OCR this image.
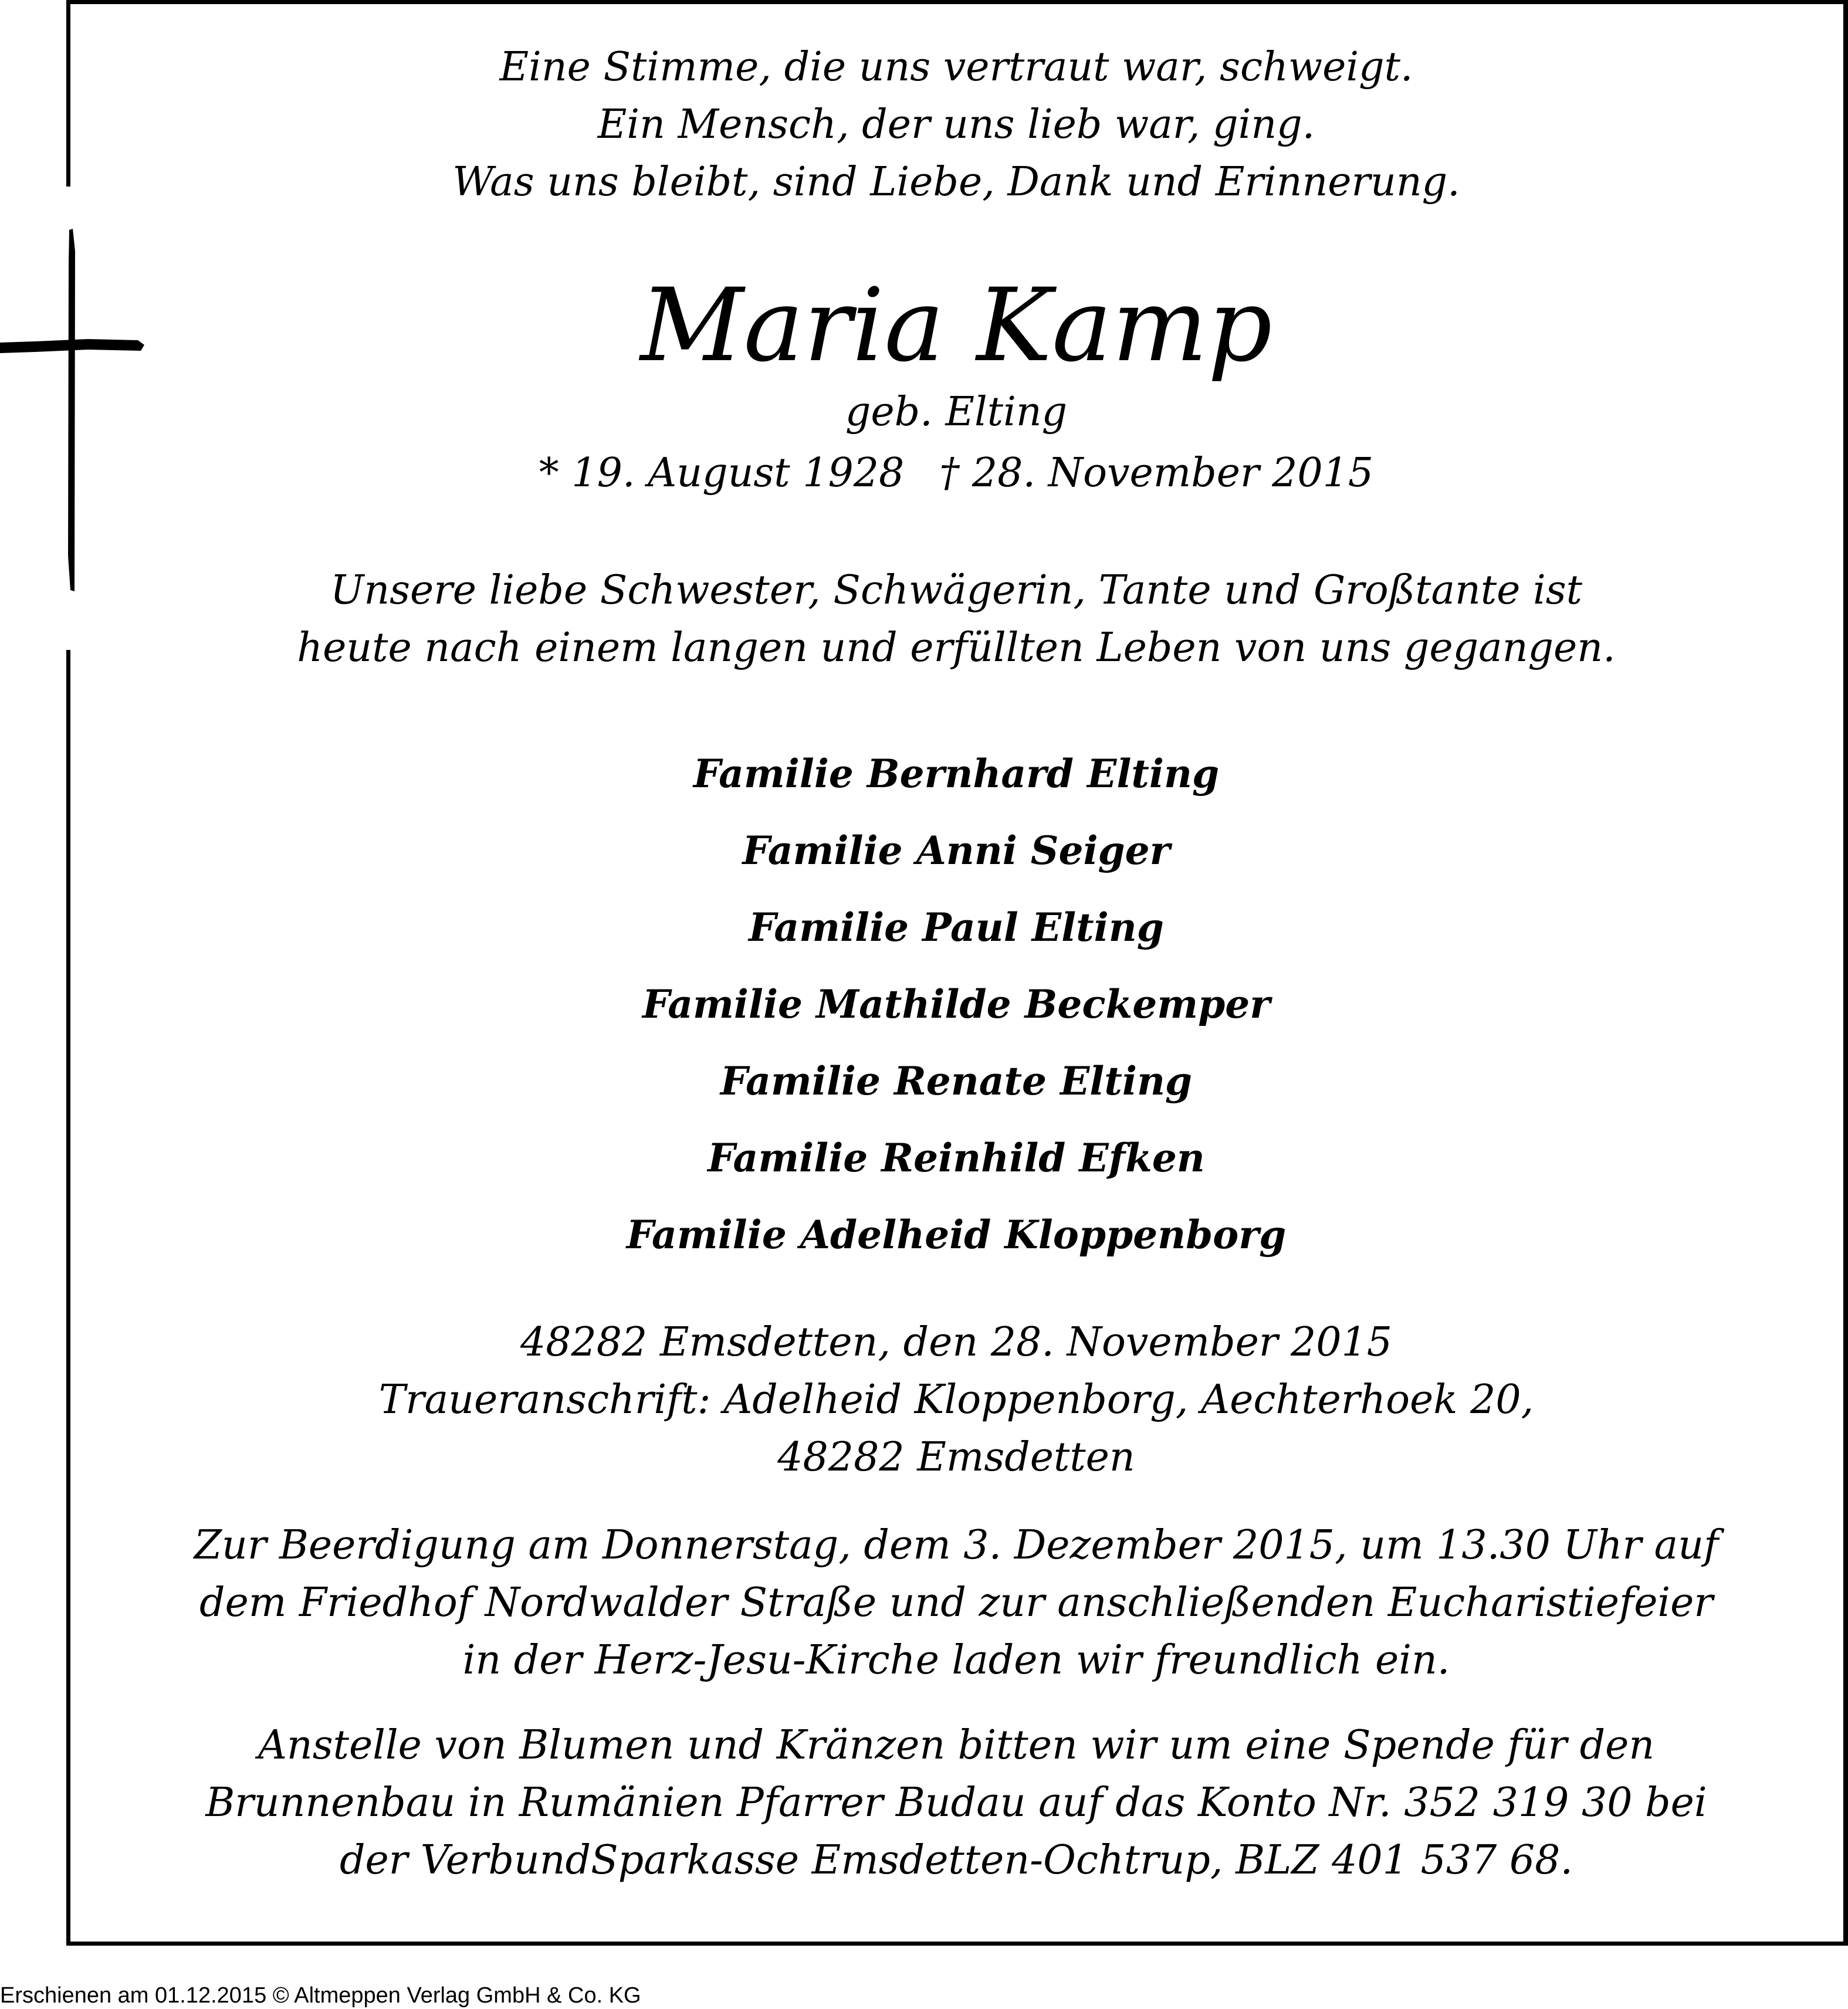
Eine Stimme, die uns vertraut war, schweigt.
Ein Mensch, der uns lieb war, ging.
Was uns bleibt, sind Liebe, Dank und Erinnerung.
Maria Kamp
geb. Elting
* 19. August 1928 † 28. November 2015
Unsere liebe Schwester, Schwägerin, Tante und Großtante ist
heute nach einem langen und erfüllten Leben von uns gegangen.
Familie Bernhard Elting
Familie Anni Seiger
Familie Paul Elting
Familie Mathilde Beckemper
Familie Renate Elting
Familie Reinhild Efken
Familie Adelheid Kloppenborg
48282 Emsdetten, den 28. November 2015
Traueranschrift: Adelheid Kloppenborg, Aechterhoek 20,
48282 Emsdetten
Zur Beerdigung am Donnerstag, dem 3. Dezember 2015, um 13.30 Uhr auf
dem Friedhof Nordwalder Straße und zur anschließenden Eucharistiefeier
in der Herz-Jesu-Kirche laden wir freundlich ein.
Anstelle von Blumen und Kränzen bitten wir um eine Spende für den
Brunnenbau in Rumänien Pfarrer Budau auf das Konto Nr. 352 319 30 bei
der VerbundSparkasse Emsdetten-Ochtrup, BLZ 401 537 68.
Erschienen am 01.12.2015 © Altmeppen Verlag GmbH & Co. KG
